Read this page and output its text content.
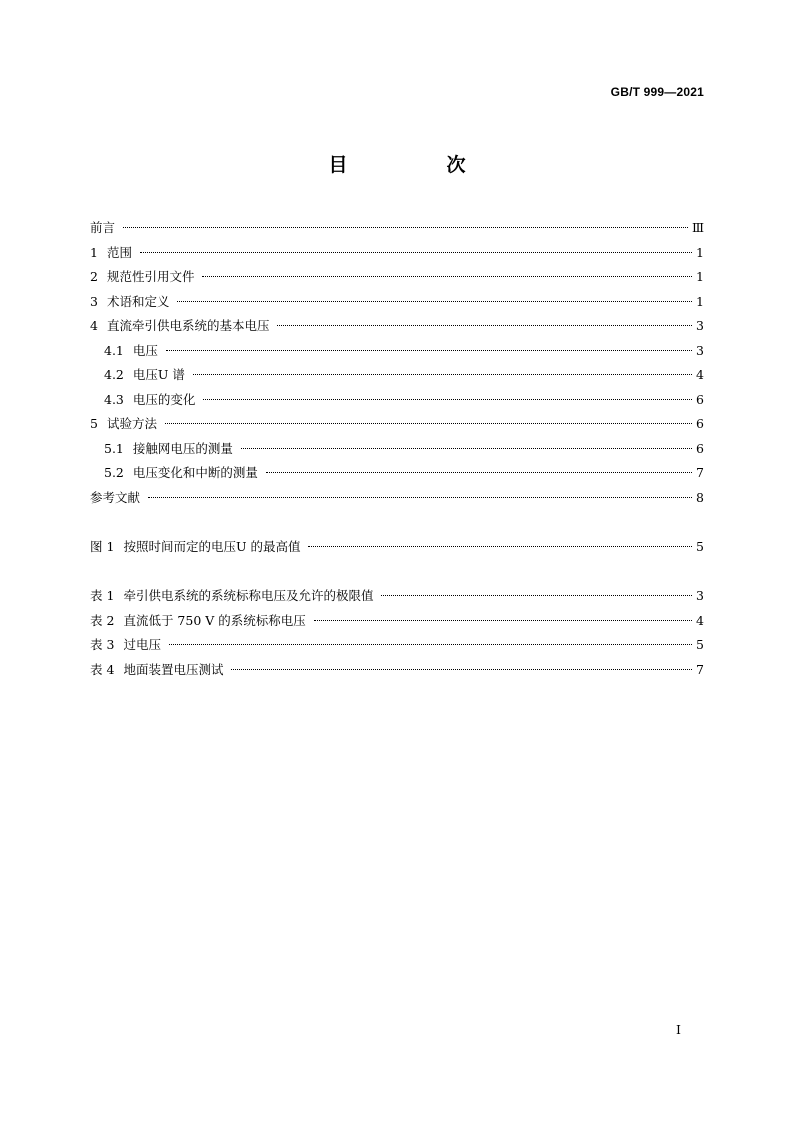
GB/T 999—2021
目　次
前言	Ⅲ
1 范围	1
2 规范性引用文件	1
3 术语和定义	1
4 直流牵引供电系统的基本电压	3
4.1 电压	3
4.2 电压U 谱	4
4.3 电压的变化	6
5 试验方法	6
5.1 接触网电压的测量	6
5.2 电压变化和中断的测量	7
参考文献	8
图 1 按照时间而定的电压U 的最高值	5
表 1 牵引供电系统的系统标称电压及允许的极限值	3
表 2 直流低于 750 V 的系统标称电压	4
表 3 过电压	5
表 4 地面装置电压测试	7
I
